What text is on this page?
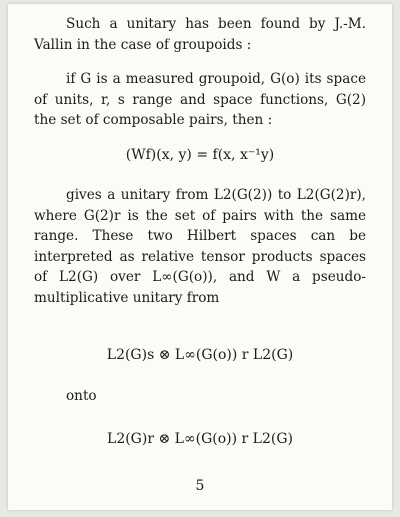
Such a unitary has been found by J.-M. Vallin in the case of groupoids :

if G is a measured groupoid, G(o) its space of units, r, s range and space functions, G(2) the set of composable pairs, then :

(Wf)(x, y) = f(x, x⁻¹y)

gives a unitary from L2(G(2)) to L2(G(2)r), where G(2)r is the set of pairs with the same range. These two Hilbert spaces can be interpreted as relative tensor products spaces of L2(G) over L∞(G(o)), and W a pseudo-multiplicative unitary from

L2(G)s ⊗ L∞(G(o)) r L2(G)
onto
L2(G)r ⊗ L∞(G(o)) r L2(G)
5
